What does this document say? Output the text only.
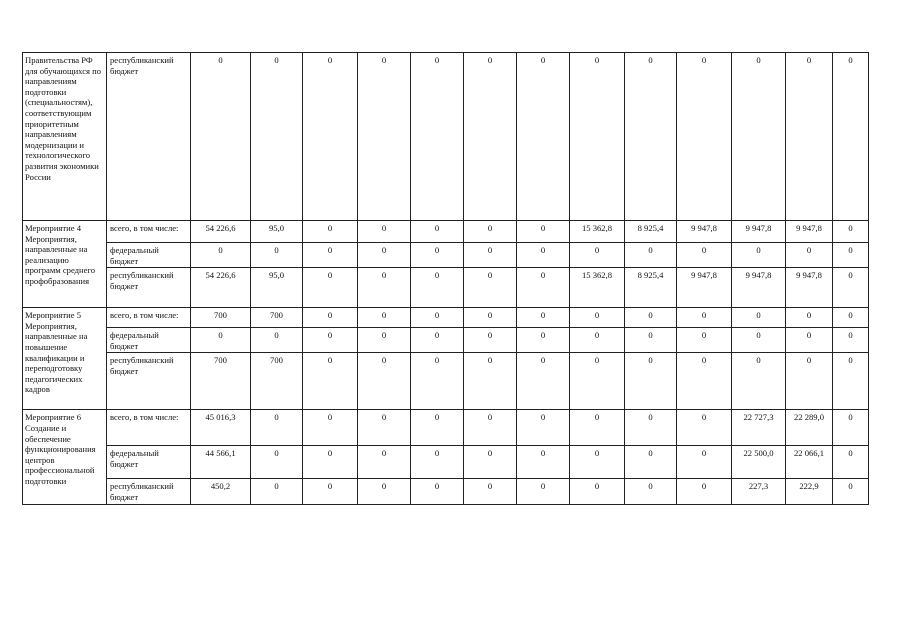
Правительства РФ для обучающихся по направлениям подготовки (специальностям), соответствующим приоритетным направлениям модернизации и технологического развития экономики России	республиканский бюджет	0	0	0	0	0	0	0	0	0	0	0	0	0
Мероприятие 4 Мероприятия, направленные на реализацию программ среднего профобразования	всего, в том числе:	54 226,6	95,0	0	0	0	0	0	15 362,8	8 925,4	9 947,8	9 947,8	9 947,8	0
	федеральный бюджет	0	0	0	0	0	0	0	0	0	0	0	0	0
	республиканский бюджет	54 226,6	95,0	0	0	0	0	0	15 362,8	8 925,4	9 947,8	9 947,8	9 947,8	0
Мероприятие 5 Мероприятия, направленные на повышение квалификации и переподготовку педагогических кадров	всего, в том числе:	700	700	0	0	0	0	0	0	0	0	0	0	0
	федеральный бюджет	0	0	0	0	0	0	0	0	0	0	0	0	0
	республиканский бюджет	700	700	0	0	0	0	0	0	0	0	0	0	0
Мероприятие 6 Создание и обеспечение функционирования центров профессиональной подготовки	всего, в том числе:	45 016,3	0	0	0	0	0	0	0	0	0	22 727,3	22 289,0	0
	федеральный бюджет	44 566,1	0	0	0	0	0	0	0	0	0	22 500,0	22 066,1	0
	республиканский бюджет	450,2	0	0	0	0	0	0	0	0	0	227,3	222,9	0
